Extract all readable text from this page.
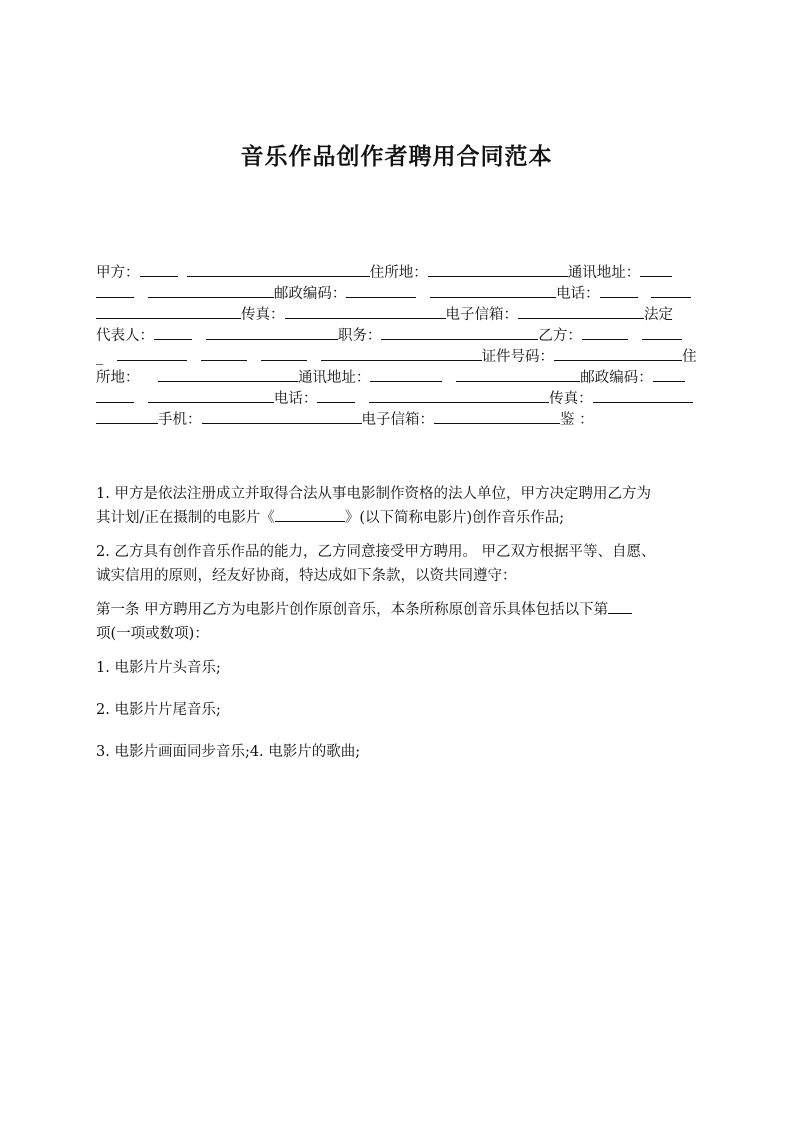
音乐作品创作者聘用合同范本
甲方：	住所地：	通讯地址：
邮政编码：	电话：
传真：	电子信箱：	法定
代表人：	职务：	乙方：
_	证件号码：	住
所地：	通讯地址：	邮政编码：
电话：	传真：
手机：	电子信箱：	鉴 ：

1. 甲方是依法注册成立并取得合法从事电影制作资格的法人单位，甲方决定聘用乙方为
其计划/正在摄制的电影片《	》(以下简称电影片)创作音乐作品;

2. 乙方具有创作音乐作品的能力，乙方同意接受甲方聘用。 甲乙双方根据平等、自愿、
诚实信用的原则，经友好协商，特达成如下条款，以资共同遵守：

第一条 甲方聘用乙方为电影片创作原创音乐，本条所称原创音乐具体包括以下第
项(一项或数项)：

1. 电影片片头音乐;

2. 电影片片尾音乐;

3. 电影片画面同步音乐;4. 电影片的歌曲;
